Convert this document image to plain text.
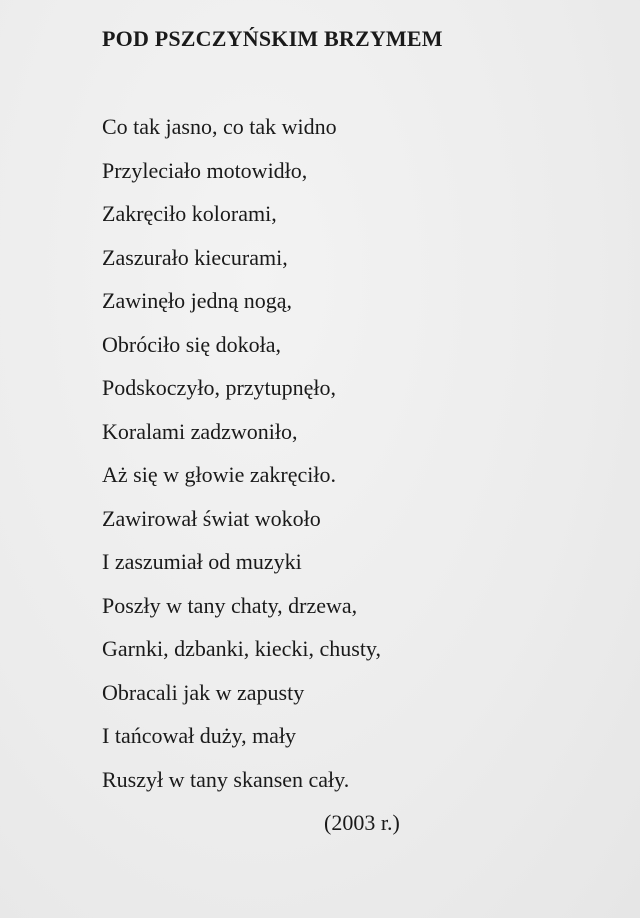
POD PSZCZYŃSKIM BRZYMEM
Co tak jasno, co tak widno
Przyleciało motowidło,
Zakręciło kolorami,
Zaszurało kiecurami,
Zawinęło jedną nogą,
Obróciło się dokoła,
Podskoczyło, przytupnęło,
Koralami zadzwoniło,
Aż się w głowie zakręciło.
Zawirował świat wokoło
I zaszumiał od muzyki
Poszły w tany chaty, drzewa,
Garnki, dzbanki, kiecki, chusty,
Obracali jak w zapusty
I tańcował duży, mały
Ruszył w tany skansen cały.
(2003 r.)
